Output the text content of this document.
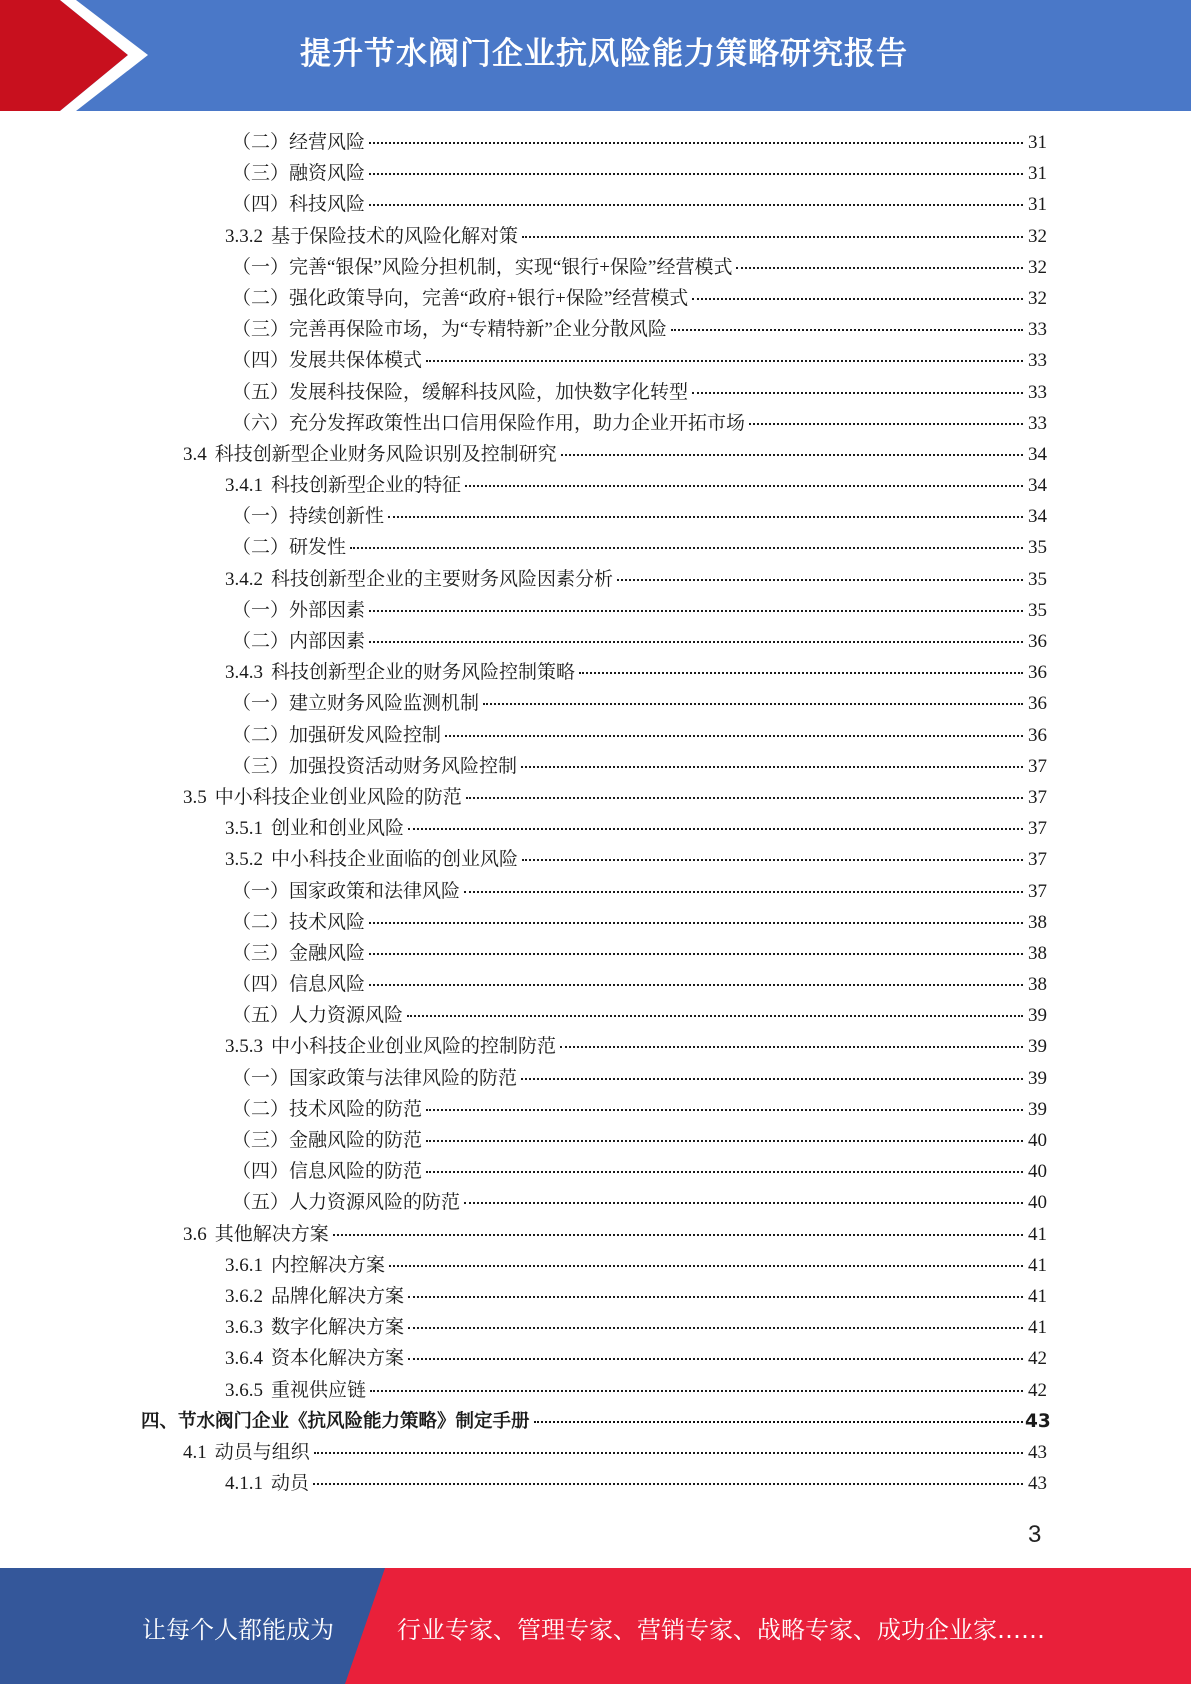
提升节水阀门企业抗风险能力策略研究报告
（二）经营风险	31
（三）融资风险	31
（四）科技风险	31
3.3.2 基于保险技术的风险化解对策	32
（一）完善“银保”风险分担机制，实现“银行+保险”经营模式	32
（二）强化政策导向，完善“政府+银行+保险”经营模式	32
（三）完善再保险市场，为“专精特新”企业分散风险	33
（四）发展共保体模式	33
（五）发展科技保险，缓解科技风险，加快数字化转型	33
（六）充分发挥政策性出口信用保险作用，助力企业开拓市场	33
3.4 科技创新型企业财务风险识别及控制研究	34
3.4.1 科技创新型企业的特征	34
（一）持续创新性	34
（二）研发性	35
3.4.2 科技创新型企业的主要财务风险因素分析	35
（一）外部因素	35
（二）内部因素	36
3.4.3 科技创新型企业的财务风险控制策略	36
（一）建立财务风险监测机制	36
（二）加强研发风险控制	36
（三）加强投资活动财务风险控制	37
3.5 中小科技企业创业风险的防范	37
3.5.1 创业和创业风险	37
3.5.2 中小科技企业面临的创业风险	37
（一）国家政策和法律风险	37
（二）技术风险	38
（三）金融风险	38
（四）信息风险	38
（五）人力资源风险	39
3.5.3 中小科技企业创业风险的控制防范	39
（一）国家政策与法律风险的防范	39
（二）技术风险的防范	39
（三）金融风险的防范	40
（四）信息风险的防范	40
（五）人力资源风险的防范	40
3.6 其他解决方案	41
3.6.1 内控解决方案	41
3.6.2 品牌化解决方案	41
3.6.3 数字化解决方案	41
3.6.4 资本化解决方案	42
3.6.5 重视供应链	42
四、节水阀门企业《抗风险能力策略》制定手册	43
4.1 动员与组织	43
4.1.1 动员	43
3
让每个人都能成为	行业专家、管理专家、营销专家、战略专家、成功企业家……
